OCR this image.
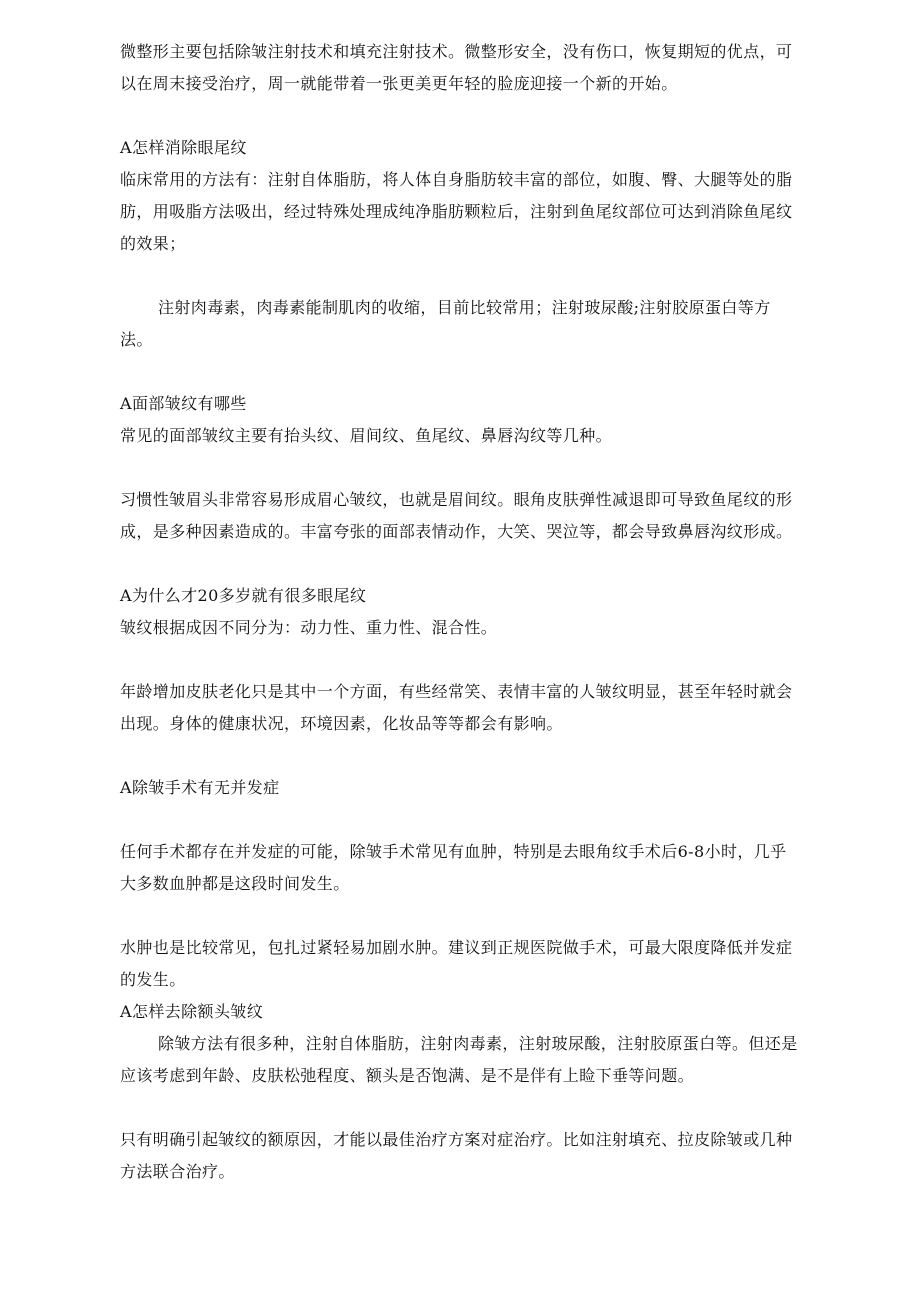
微整形主要包括除皱注射技术和填充注射技术。微整形安全，没有伤口，恢复期短的优点，可以在周末接受治疗，周一就能带着一张更美更年轻的脸庞迎接一个新的开始。

A怎样消除眼尾纹

临床常用的方法有：注射自体脂肪，将人体自身脂肪较丰富的部位，如腹、臀、大腿等处的脂肪，用吸脂方法吸出，经过特殊处理成纯净脂肪颗粒后，注射到鱼尾纹部位可达到消除鱼尾纹的效果；

注射肉毒素，肉毒素能制肌肉的收缩，目前比较常用；注射玻尿酸;注射胶原蛋白等方法。

A面部皱纹有哪些

常见的面部皱纹主要有抬头纹、眉间纹、鱼尾纹、鼻唇沟纹等几种。

习惯性皱眉头非常容易形成眉心皱纹，也就是眉间纹。眼角皮肤弹性减退即可导致鱼尾纹的形成，是多种因素造成的。丰富夸张的面部表情动作，大笑、哭泣等，都会导致鼻唇沟纹形成。

A为什么才20多岁就有很多眼尾纹

皱纹根据成因不同分为：动力性、重力性、混合性。

年龄增加皮肤老化只是其中一个方面，有些经常笑、表情丰富的人皱纹明显，甚至年轻时就会出现。身体的健康状况，环境因素，化妆品等等都会有影响。

A除皱手术有无并发症

任何手术都存在并发症的可能，除皱手术常见有血肿，特别是去眼角纹手术后6-8小时，几乎大多数血肿都是这段时间发生。

水肿也是比较常见，包扎过紧轻易加剧水肿。建议到正规医院做手术，可最大限度降低并发症的发生。

A怎样去除额头皱纹

除皱方法有很多种，注射自体脂肪，注射肉毒素，注射玻尿酸，注射胶原蛋白等。但还是应该考虑到年龄、皮肤松弛程度、额头是否饱满、是不是伴有上睑下垂等问题。

只有明确引起皱纹的额原因，才能以最佳治疗方案对症治疗。比如注射填充、拉皮除皱或几种方法联合治疗。
